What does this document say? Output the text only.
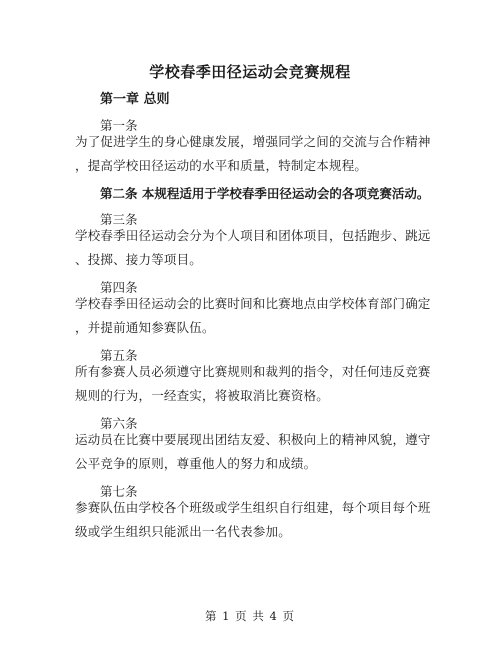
学校春季田径运动会竞赛规程
第一章 总则
第一条
为了促进学生的身心健康发展，增强同学之间的交流与合作精神
，提高学校田径运动的水平和质量，特制定本规程。
第二条 本规程适用于学校春季田径运动会的各项竞赛活动。
第三条
学校春季田径运动会分为个人项目和团体项目，包括跑步、跳远
、投掷、接力等项目。
第四条
学校春季田径运动会的比赛时间和比赛地点由学校体育部门确定
，并提前通知参赛队伍。
第五条
所有参赛人员必须遵守比赛规则和裁判的指令，对任何违反竞赛
规则的行为，一经查实，将被取消比赛资格。
第六条
运动员在比赛中要展现出团结友爱、积极向上的精神风貌，遵守
公平竞争的原则，尊重他人的努力和成绩。
第七条
参赛队伍由学校各个班级或学生组织自行组建，每个项目每个班
级或学生组织只能派出一名代表参加。
第 1 页 共 4 页
